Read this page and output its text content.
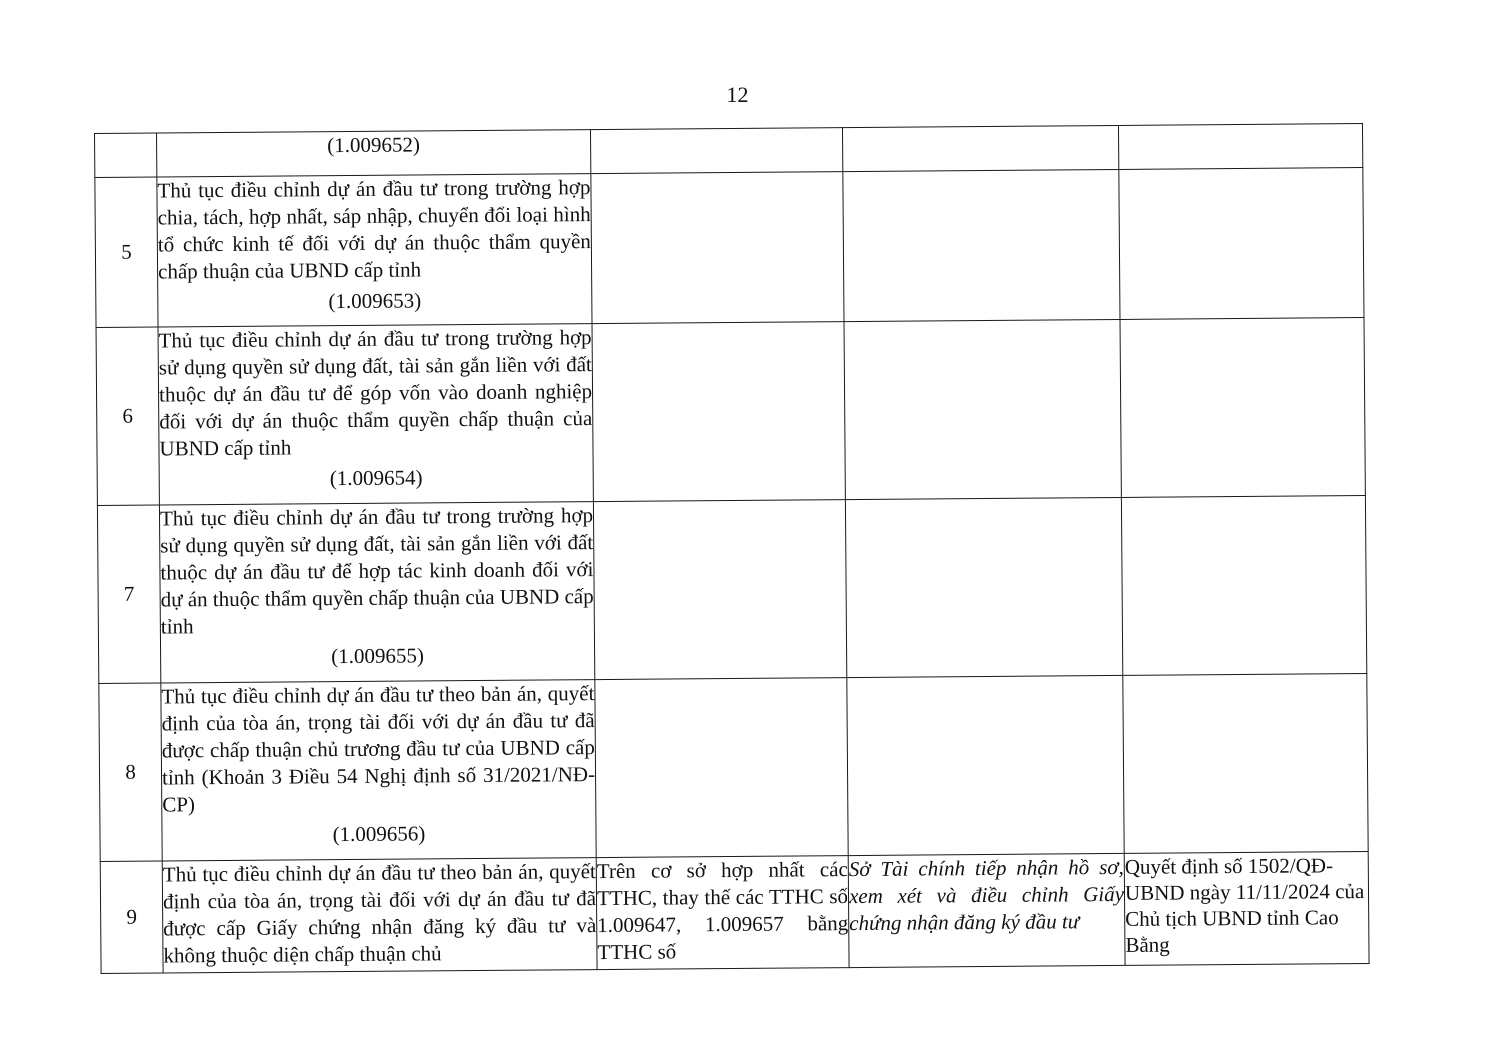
12
	(1.009652)			
5	Thủ tục điều chỉnh dự án đầu tư trong trường hợp chia, tách, hợp nhất, sáp nhập, chuyển đổi loại hình tổ chức kinh tế đối với dự án thuộc thẩm quyền chấp thuận của UBND cấp tỉnh
(1.009653)			

6	Thủ tục điều chỉnh dự án đầu tư trong trường hợp sử dụng quyền sử dụng đất, tài sản gắn liền với đất thuộc dự án đầu tư để góp vốn vào doanh nghiệp đối với dự án thuộc thẩm quyền chấp thuận của UBND cấp tỉnh
(1.009654)			

7	Thủ tục điều chỉnh dự án đầu tư trong trường hợp sử dụng quyền sử dụng đất, tài sản gắn liền với đất thuộc dự án đầu tư để hợp tác kinh doanh đối với dự án thuộc thẩm quyền chấp thuận của UBND cấp tỉnh
(1.009655)			

8	Thủ tục điều chỉnh dự án đầu tư theo bản án, quyết định của tòa án, trọng tài đối với dự án đầu tư đã được chấp thuận chủ trương đầu tư của UBND cấp tỉnh (Khoản 3 Điều 54 Nghị định số 31/2021/NĐ-CP)
(1.009656)			

9	Thủ tục điều chỉnh dự án đầu tư theo bản án, quyết định của tòa án, trọng tài đối với dự án đầu tư đã được cấp Giấy chứng nhận đăng ký đầu tư và không thuộc diện chấp thuận chủ	Trên cơ sở hợp nhất các TTHC, thay thế các TTHC số 1.009647, 1.009657 bằng TTHC số	Sở Tài chính tiếp nhận hồ sơ, xem xét và điều chỉnh Giấy chứng nhận đăng ký đầu tư	Quyết định số 1502/QĐ-UBND ngày 11/11/2024 của Chủ tịch UBND tỉnh Cao Bằng
